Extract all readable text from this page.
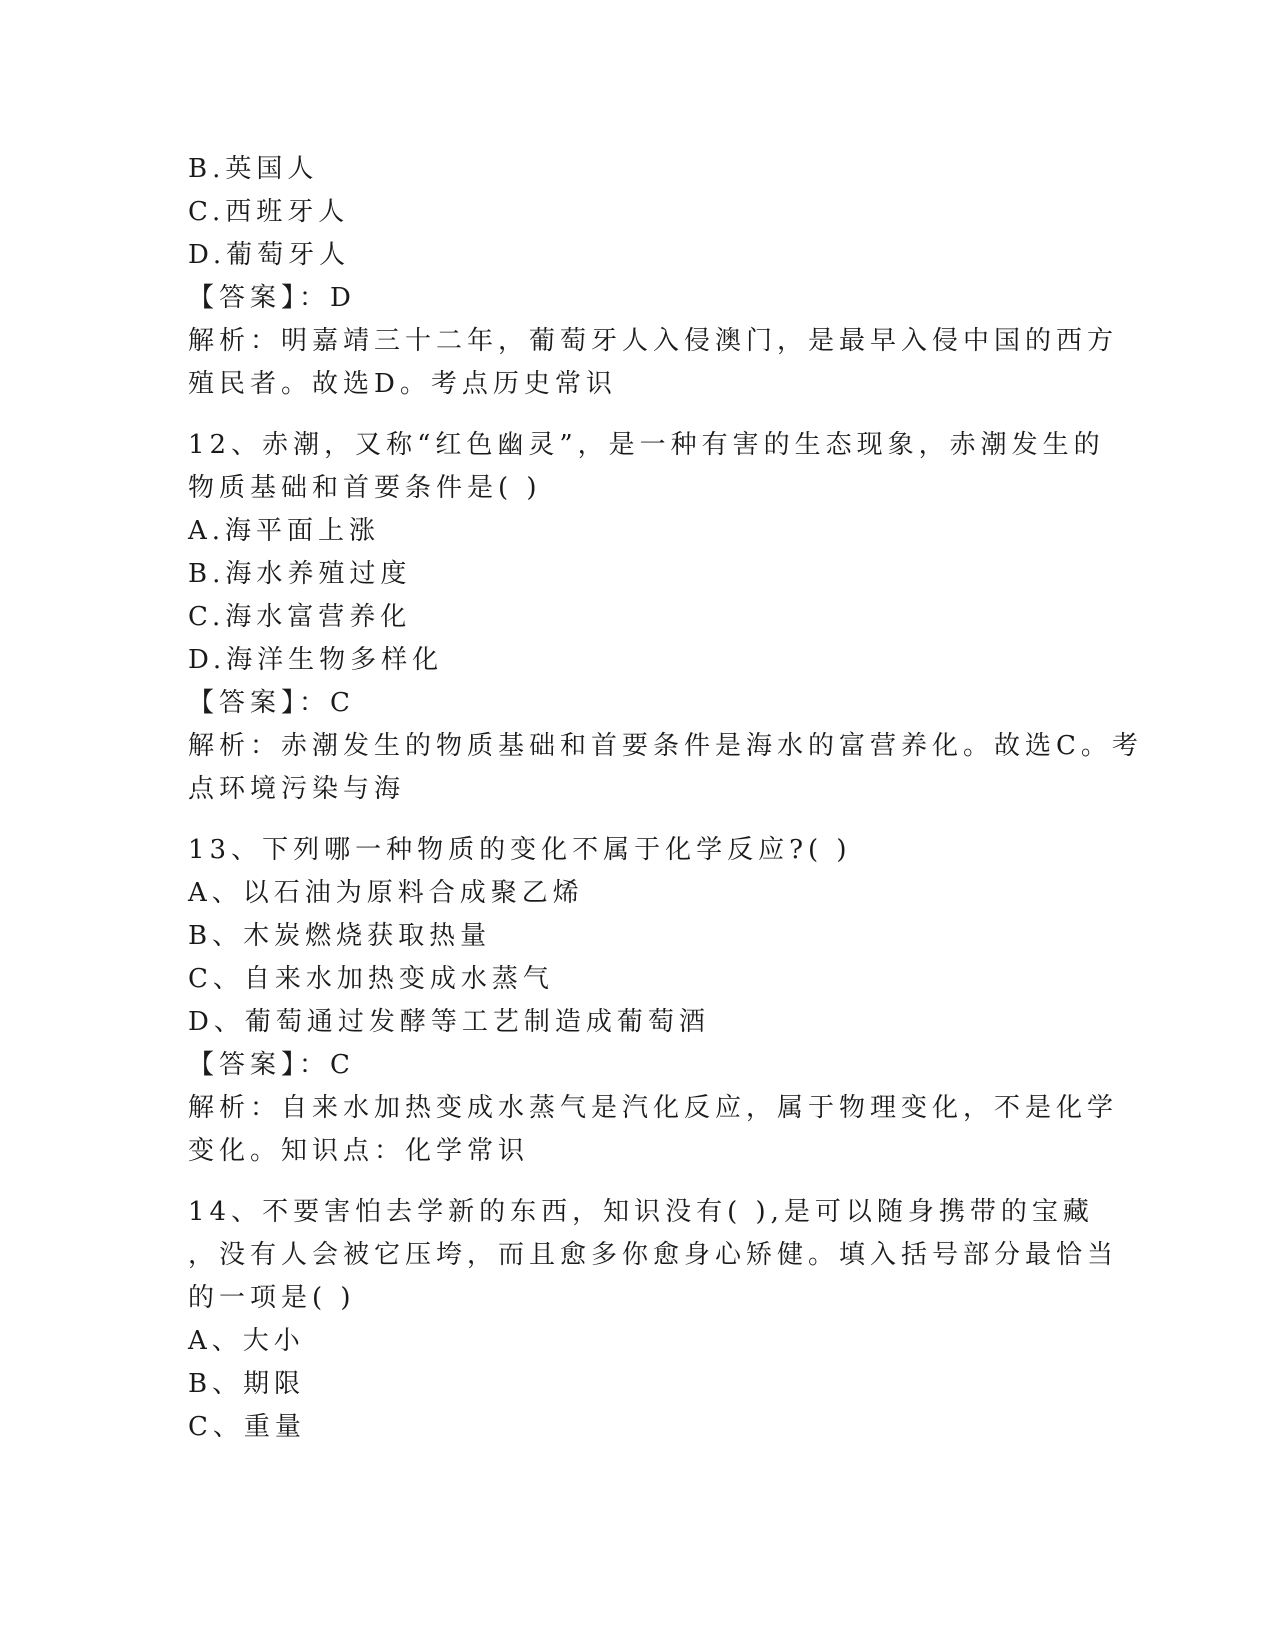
B.英国人
C.西班牙人
D.葡萄牙人
【答案】：D
解析：明嘉靖三十二年，葡萄牙人入侵澳门，是最早入侵中国的西方
殖民者。故选D。考点历史常识
12、赤潮，又称“红色幽灵”，是一种有害的生态现象，赤潮发生的
物质基础和首要条件是( )
A.海平面上涨
B.海水养殖过度
C.海水富营养化
D.海洋生物多样化
【答案】：C
解析：赤潮发生的物质基础和首要条件是海水的富营养化。故选C。考
点环境污染与海
13、下列哪一种物质的变化不属于化学反应?( )
A、以石油为原料合成聚乙烯
B、木炭燃烧获取热量
C、自来水加热变成水蒸气
D、葡萄通过发酵等工艺制造成葡萄酒
【答案】：C
解析：自来水加热变成水蒸气是汽化反应，属于物理变化，不是化学
变化。知识点：化学常识
14、不要害怕去学新的东西，知识没有( ),是可以随身携带的宝藏
，没有人会被它压垮，而且愈多你愈身心矫健。填入括号部分最恰当
的一项是( )
A、大小
B、期限
C、重量
